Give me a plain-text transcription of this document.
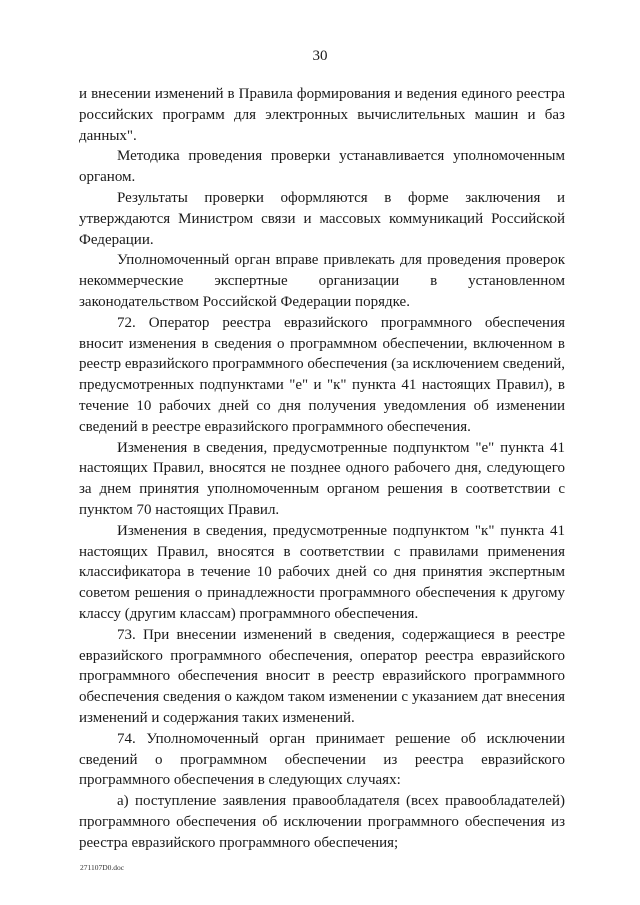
30

и внесении изменений в Правила формирования и ведения единого реестра российских программ для электронных вычислительных машин и баз данных".

Методика проведения проверки устанавливается уполномоченным органом.

Результаты проверки оформляются в форме заключения и утверждаются Министром связи и массовых коммуникаций Российской Федерации.

Уполномоченный орган вправе привлекать для проведения проверок некоммерческие экспертные организации в установленном законодательством Российской Федерации порядке.

72. Оператор реестра евразийского программного обеспечения вносит изменения в сведения о программном обеспечении, включенном в реестр евразийского программного обеспечения (за исключением сведений, предусмотренных подпунктами "е" и "к" пункта 41 настоящих Правил), в течение 10 рабочих дней со дня получения уведомления об изменении сведений в реестре евразийского программного обеспечения.

Изменения в сведения, предусмотренные подпунктом "е" пункта 41 настоящих Правил, вносятся не позднее одного рабочего дня, следующего за днем принятия уполномоченным органом решения в соответствии с пунктом 70 настоящих Правил.

Изменения в сведения, предусмотренные подпунктом "к" пункта 41 настоящих Правил, вносятся в соответствии с правилами применения классификатора в течение 10 рабочих дней со дня принятия экспертным советом решения о принадлежности программного обеспечения к другому классу (другим классам) программного обеспечения.

73. При внесении изменений в сведения, содержащиеся в реестре евразийского программного обеспечения, оператор реестра евразийского программного обеспечения вносит в реестр евразийского программного обеспечения сведения о каждом таком изменении с указанием дат внесения изменений и содержания таких изменений.

74. Уполномоченный орган принимает решение об исключении сведений о программном обеспечении из реестра евразийского программного обеспечения в следующих случаях:

а) поступление заявления правообладателя (всех правообладателей) программного обеспечения об исключении программного обеспечения из реестра евразийского программного обеспечения;

271107D0.doc
